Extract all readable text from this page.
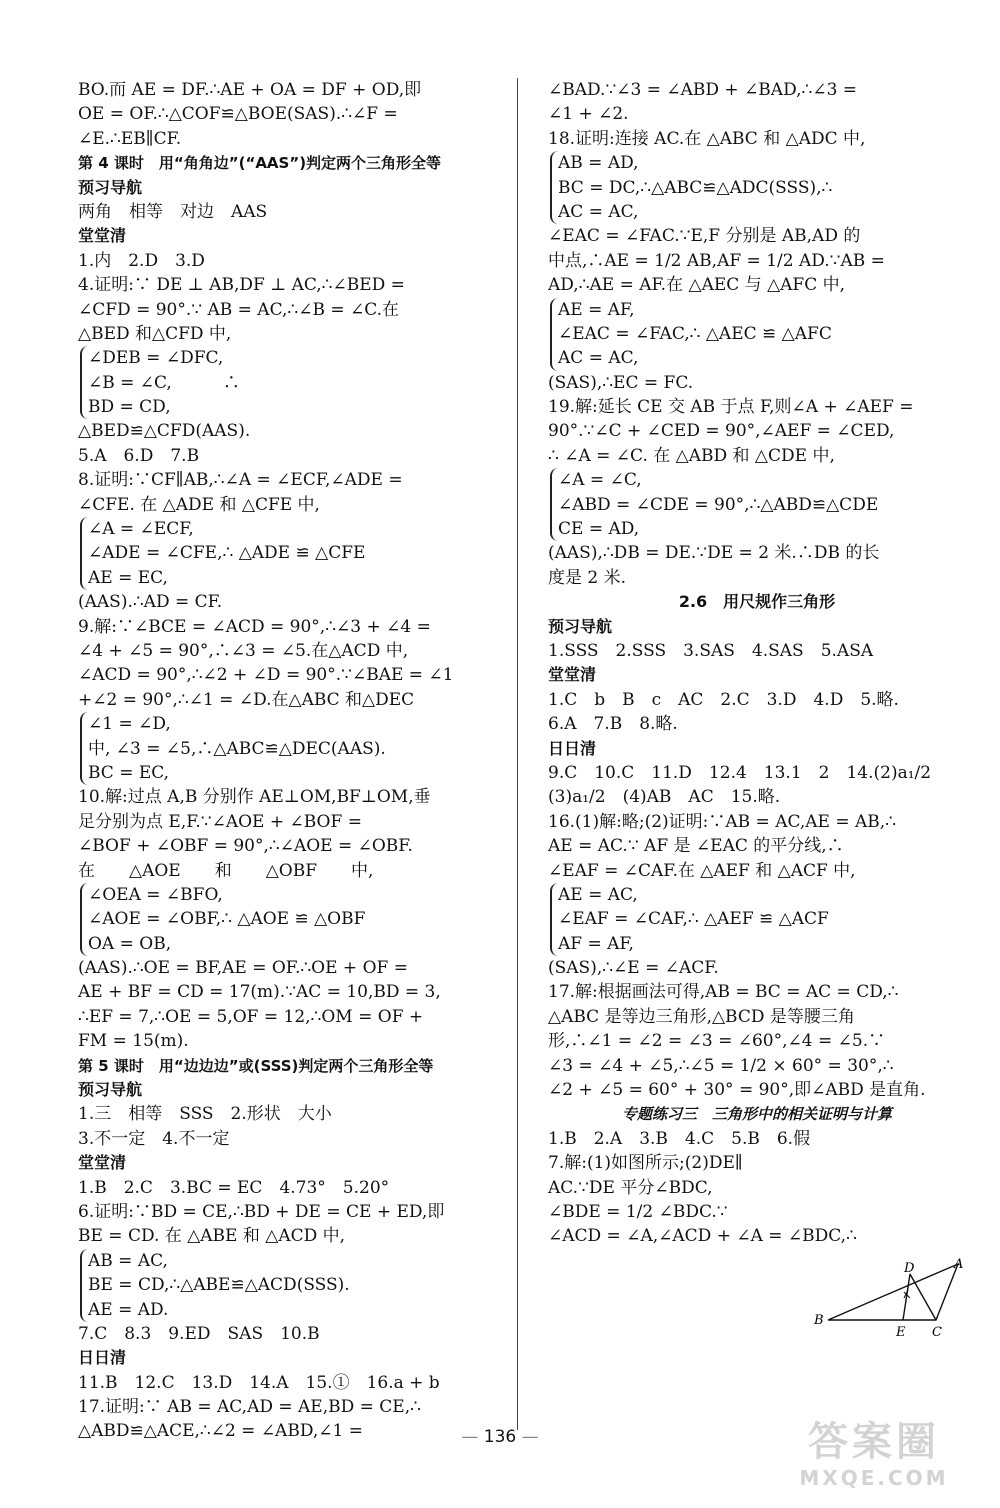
BO.而 AE = DF.∴AE + OA = DF + OD,即
OE = OF.∴△COF≌△BOE(SAS).∴∠F =
∠E.∴EB∥CF.
第 4 课时　用“角角边”(“AAS”)判定两个三角形全等
预习导航
两角　相等　对边　AAS
堂堂清
1.内　2.D　3.D
4.证明:∵ DE ⊥ AB,DF ⊥ AC,∴∠BED =
∠CFD = 90°.∵ AB = AC,∴∠B = ∠C.在
△BED 和△CFD 中,
∠DEB = ∠DFC,
∠B = ∠C,　　　∴
BD = CD,
△BED≌△CFD(AAS).
5.A　6.D　7.B
8.证明:∵CF∥AB,∴∠A = ∠ECF,∠ADE =
∠CFE. 在 △ADE 和 △CFE 中,
∠A = ∠ECF,
∠ADE = ∠CFE,∴ △ADE ≌ △CFE
AE = EC,
(AAS).∴AD = CF.
9.解:∵∠BCE = ∠ACD = 90°,∴∠3 + ∠4 =
∠4 + ∠5 = 90°,∴∠3 = ∠5.在△ACD 中,
∠ACD = 90°,∴∠2 + ∠D = 90°.∵∠BAE = ∠1
+∠2 = 90°,∴∠1 = ∠D.在△ABC 和△DEC
∠1 = ∠D,
中, ∠3 = ∠5,∴△ABC≌△DEC(AAS).
BC = EC,
10.解:过点 A,B 分别作 AE⊥OM,BF⊥OM,垂
足分别为点 E,F.∵∠AOE + ∠BOF =
∠BOF + ∠OBF = 90°,∴∠AOE = ∠OBF.
在　　△AOE　　和　　△OBF　　中,
∠OEA = ∠BFO,
∠AOE = ∠OBF,∴ △AOE ≌ △OBF
OA = OB,
(AAS).∴OE = BF,AE = OF.∴OE + OF =
AE + BF = CD = 17(m).∵AC = 10,BD = 3,
∴EF = 7,∴OE = 5,OF = 12,∴OM = OF +
FM = 15(m).
第 5 课时　用“边边边”或(SSS)判定两个三角形全等
预习导航
1.三　相等　SSS　2.形状　大小
3.不一定　4.不一定
堂堂清
1.B　2.C　3.BC = EC　4.73°　5.20°
6.证明:∵BD = CE,∴BD + DE = CE + ED,即
BE = CD. 在 △ABE 和 △ACD 中,
AB = AC,
BE = CD,∴△ABE≌△ACD(SSS).
AE = AD.
7.C　8.3　9.ED　SAS　10.B
日日清
11.B　12.C　13.D　14.A　15.①　16.a + b
17.证明:∵ AB = AC,AD = AE,BD = CE,∴
△ABD≌△ACE,∴∠2 = ∠ABD,∠1 =
∠BAD.∵∠3 = ∠ABD + ∠BAD,∴∠3 =
∠1 + ∠2.
18.证明:连接 AC.在 △ABC 和 △ADC 中,
AB = AD,
BC = DC,∴△ABC≌△ADC(SSS),∴
AC = AC,
∠EAC = ∠FAC.∵E,F 分别是 AB,AD 的
中点,∴AE = 1/2 AB,AF = 1/2 AD.∵AB =
AD,∴AE = AF.在 △AEC 与 △AFC 中,
AE = AF,
∠EAC = ∠FAC,∴ △AEC ≌ △AFC
AC = AC,
(SAS),∴EC = FC.
19.解:延长 CE 交 AB 于点 F,则∠A + ∠AEF =
90°.∵∠C + ∠CED = 90°,∠AEF = ∠CED,
∴ ∠A = ∠C. 在 △ABD 和 △CDE 中,
∠A = ∠C,
∠ABD = ∠CDE = 90°,∴△ABD≌△CDE
CE = AD,
(AAS),∴DB = DE.∵DE = 2 米.∴DB 的长
度是 2 米.
2.6　用尺规作三角形
预习导航
1.SSS　2.SSS　3.SAS　4.SAS　5.ASA
堂堂清
1.C　b　B　c　AC　2.C　3.D　4.D　5.略.
6.A　7.B　8.略.
日日清
9.C　10.C　11.D　12.4　13.1　2　14.(2)a₁/2
(3)a₁/2　(4)AB　AC　15.略.
16.(1)解:略;(2)证明:∵AB = AC,AE = AB,∴
AE = AC.∵ AF 是 ∠EAC 的平分线,∴
∠EAF = ∠CAF.在 △AEF 和 △ACF 中,
AE = AC,
∠EAF = ∠CAF,∴ △AEF ≌ △ACF
AF = AF,
(SAS),∴∠E = ∠ACF.
17.解:根据画法可得,AB = BC = AC = CD,∴
△ABC 是等边三角形,△BCD 是等腰三角
形,∴∠1 = ∠2 = ∠3 = ∠60°,∠4 = ∠5.∵
∠3 = ∠4 + ∠5,∴∠5 = 1/2 × 60° = 30°,∴
∠2 + ∠5 = 60° + 30° = 90°,即∠ABD 是直角.
专题练习三　三角形中的相关证明与计算
1.B　2.A　3.B　4.C　5.B　6.假
7.解:(1)如图所示;(2)DE∥
AC.∵DE 平分∠BDC,
∠BDE = 1/2 ∠BDC.∵
∠ACD = ∠A,∠ACD + ∠A = ∠BDC,∴
A
B
C
D
E
— 136 —	答案圈
MXQE.COM
